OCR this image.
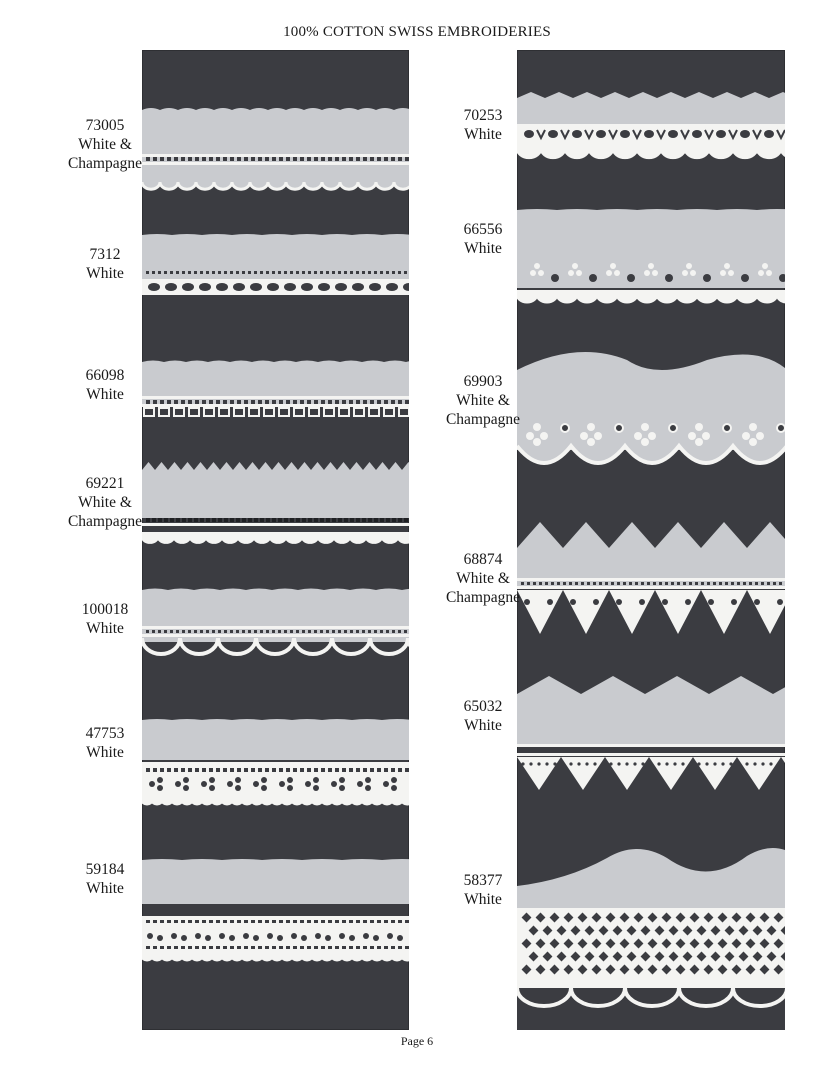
100% COTTON SWISS EMBROIDERIES
73005
White &
Champagne
7312
White
66098
White
69221
White &
Champagne
100018
White
47753
White
59184
White
70253
White
66556
White
69903
White &
Champagne
68874
White &
Champagne
65032
White
58377
White
Page 6
